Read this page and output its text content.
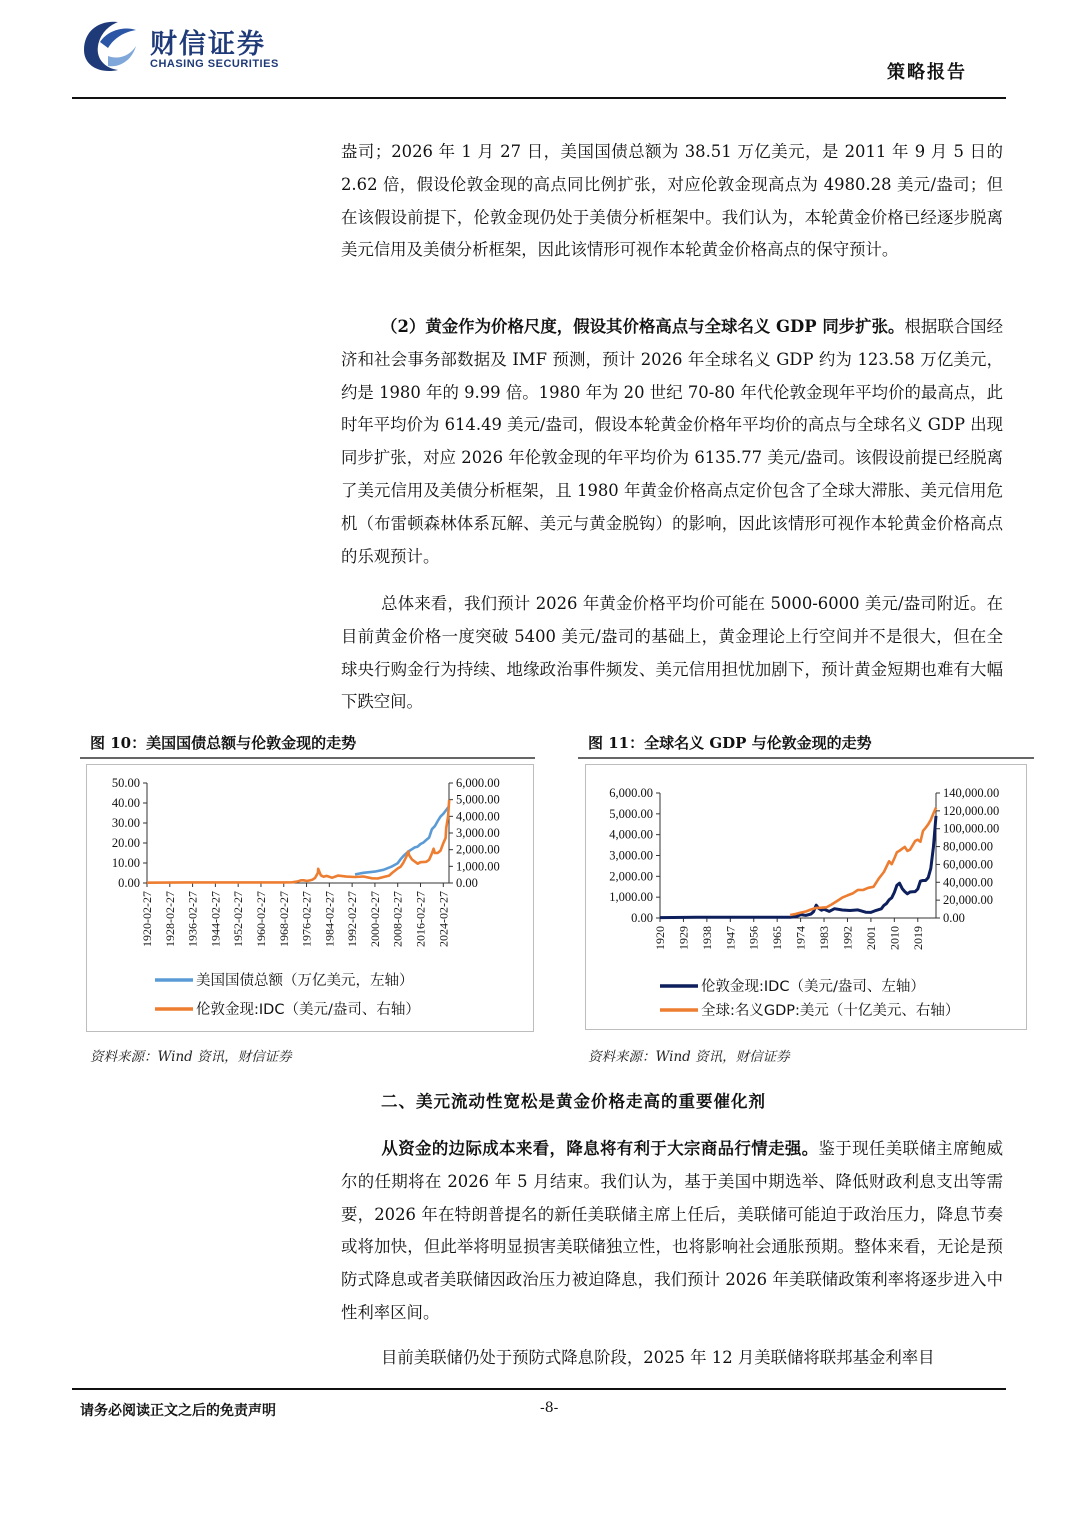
财信证券
CHASING SECURITIES	策略报告

盎司；2026 年 1 月 27 日，美国国债总额为 38.51 万亿美元，是 2011 年 9 月 5 日的 2.62 倍，假设伦敦金现的高点同比例扩张，对应伦敦金现高点为 4980.28 美元/盎司；但在该假设前提下，伦敦金现仍处于美债分析框架中。我们认为，本轮黄金价格已经逐步脱离美元信用及美债分析框架，因此该情形可视作本轮黄金价格高点的保守预计。

（2）黄金作为价格尺度，假设其价格高点与全球名义 GDP 同步扩张。根据联合国经济和社会事务部数据及 IMF 预测，预计 2026 年全球名义 GDP 约为 123.58 万亿美元，约是 1980 年的 9.99 倍。1980 年为 20 世纪 70-80 年代伦敦金现年平均价的最高点，此时年平均价为 614.49 美元/盎司，假设本轮黄金价格年平均价的高点与全球名义 GDP 出现同步扩张，对应 2026 年伦敦金现的年平均价为 6135.77 美元/盎司。该假设前提已经脱离了美元信用及美债分析框架，且 1980 年黄金价格高点定价包含了全球大滞胀、美元信用危机（布雷顿森林体系瓦解、美元与黄金脱钩）的影响，因此该情形可视作本轮黄金价格高点的乐观预计。

总体来看，我们预计 2026 年黄金价格平均价可能在 5000-6000 美元/盎司附近。在目前黄金价格一度突破 5400 美元/盎司的基础上，黄金理论上行空间并不是很大，但在全球央行购金行为持续、地缘政治事件频发、美元信用担忧加剧下，预计黄金短期也难有大幅下跌空间。

图 10：美国国债总额与伦敦金现的走势
0.00
10.00
20.00
30.00
40.00
50.00
0.00
1,000.00
2,000.00
3,000.00
4,000.00
5,000.00
6,000.00
1920-02-27 1928-02-27 1936-02-27 1944-02-27 1952-02-27 1960-02-27 1968-02-27 1976-02-27 1984-02-27 1992-02-27 2000-02-27 2008-02-27 2016-02-27 2024-02-27
美国国债总额（万亿美元，左轴）
伦敦金现:IDC（美元/盎司、右轴）
资料来源：Wind 资讯，财信证券
图 11：全球名义 GDP 与伦敦金现的走势
0.00
1,000.00
2,000.00
3,000.00
4,000.00
5,000.00
6,000.00
0.00
20,000.00
40,000.00
60,000.00
80,000.00
100,000.00
120,000.00
140,000.00
1920 1929 1938 1947 1956 1965 1974 1983 1992 2001 2010 2019
伦敦金现:IDC（美元/盎司、左轴）
全球:名义GDP:美元（十亿美元、右轴）
资料来源：Wind 资讯，财信证券
二、美元流动性宽松是黄金价格走高的重要催化剂

从资金的边际成本来看，降息将有利于大宗商品行情走强。鉴于现任美联储主席鲍威尔的任期将在 2026 年 5 月结束。我们认为，基于美国中期选举、降低财政利息支出等需要，2026 年在特朗普提名的新任美联储主席上任后，美联储可能迫于政治压力，降息节奏或将加快，但此举将明显损害美联储独立性，也将影响社会通胀预期。整体来看，无论是预防式降息或者美联储因政治压力被迫降息，我们预计 2026 年美联储政策利率将逐步进入中性利率区间。

目前美联储仍处于预防式降息阶段，2025 年 12 月美联储将联邦基金利率目

请务必阅读正文之后的免责声明	-8-
